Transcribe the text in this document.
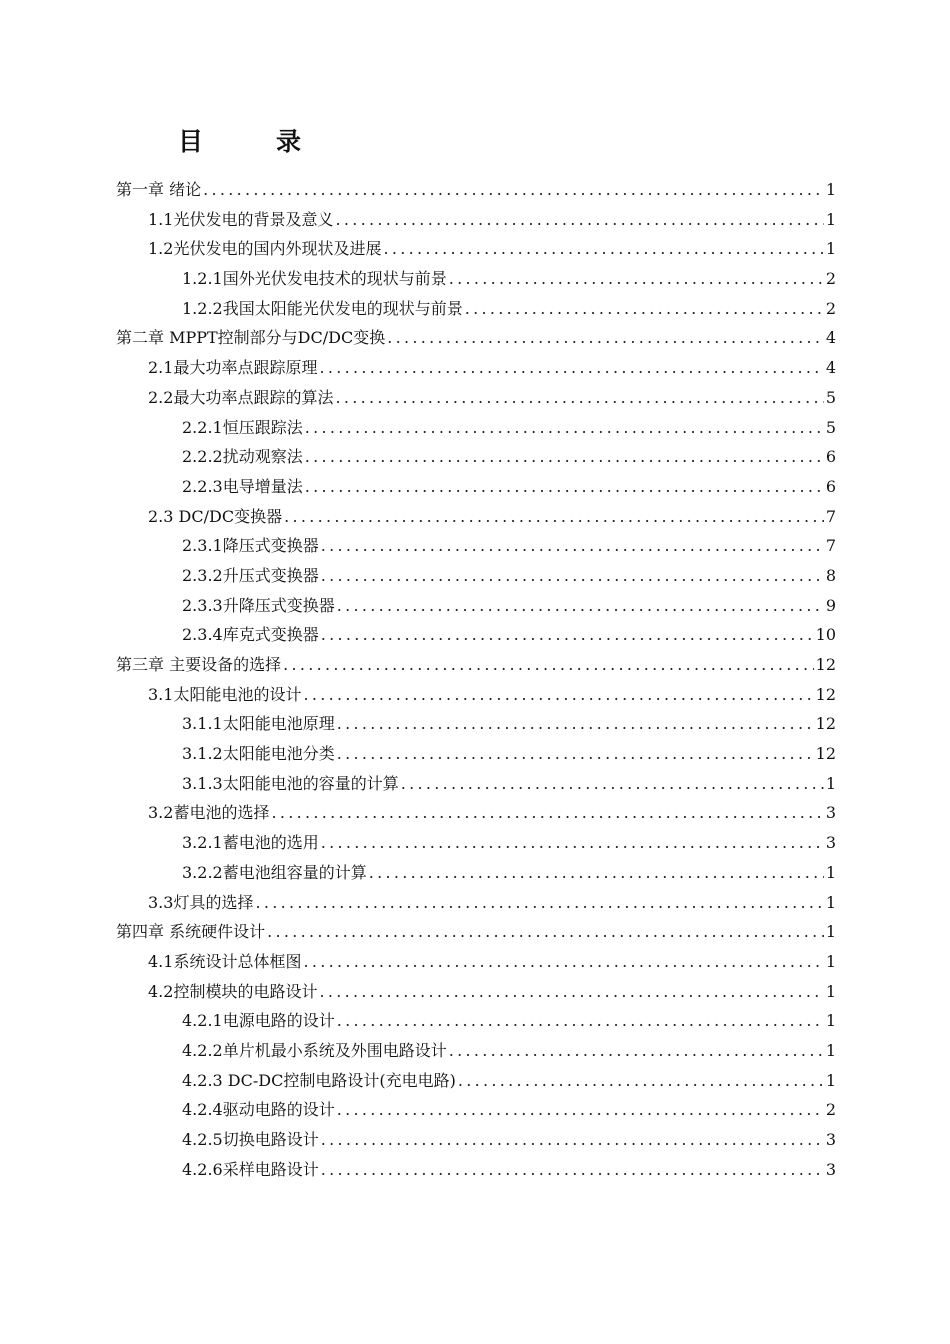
目　录
第一章 绪论 .....	1
1.1光伏发电的背景及意义 .....	1
1.2光伏发电的国内外现状及进展 .....	1
1.2.1国外光伏发电技术的现状与前景 .....	2
1.2.2我国太阳能光伏发电的现状与前景 .....	2
第二章 MPPT控制部分与DC/DC变换 .....	4
2.1最大功率点跟踪原理 .....	4
2.2最大功率点跟踪的算法 .....	5
2.2.1恒压跟踪法 .....	5
2.2.2扰动观察法 .....	6
2.2.3电导增量法 .....	6
2.3 DC/DC变换器 .....	7
2.3.1降压式变换器 .....	7
2.3.2升压式变换器 .....	8
2.3.3升降压式变换器 .....	9
2.3.4库克式变换器 .....	10
第三章 主要设备的选择 .....	12
3.1太阳能电池的设计 .....	12
3.1.1太阳能电池原理 .....	12
3.1.2太阳能电池分类 .....	12
3.1.3太阳能电池的容量的计算 .....	1
3.2蓄电池的选择 .....	3
3.2.1蓄电池的选用 .....	3
3.2.2蓄电池组容量的计算 .....	1
3.3灯具的选择 .....	1
第四章 系统硬件设计 .....	1
4.1系统设计总体框图 .....	1
4.2控制模块的电路设计 .....	1
4.2.1电源电路的设计 .....	1
4.2.2单片机最小系统及外围电路设计 .....	1
4.2.3 DC-DC控制电路设计(充电电路) .....	1
4.2.4驱动电路的设计 .....	2
4.2.5切换电路设计 .....	3
4.2.6采样电路设计 .....	3
